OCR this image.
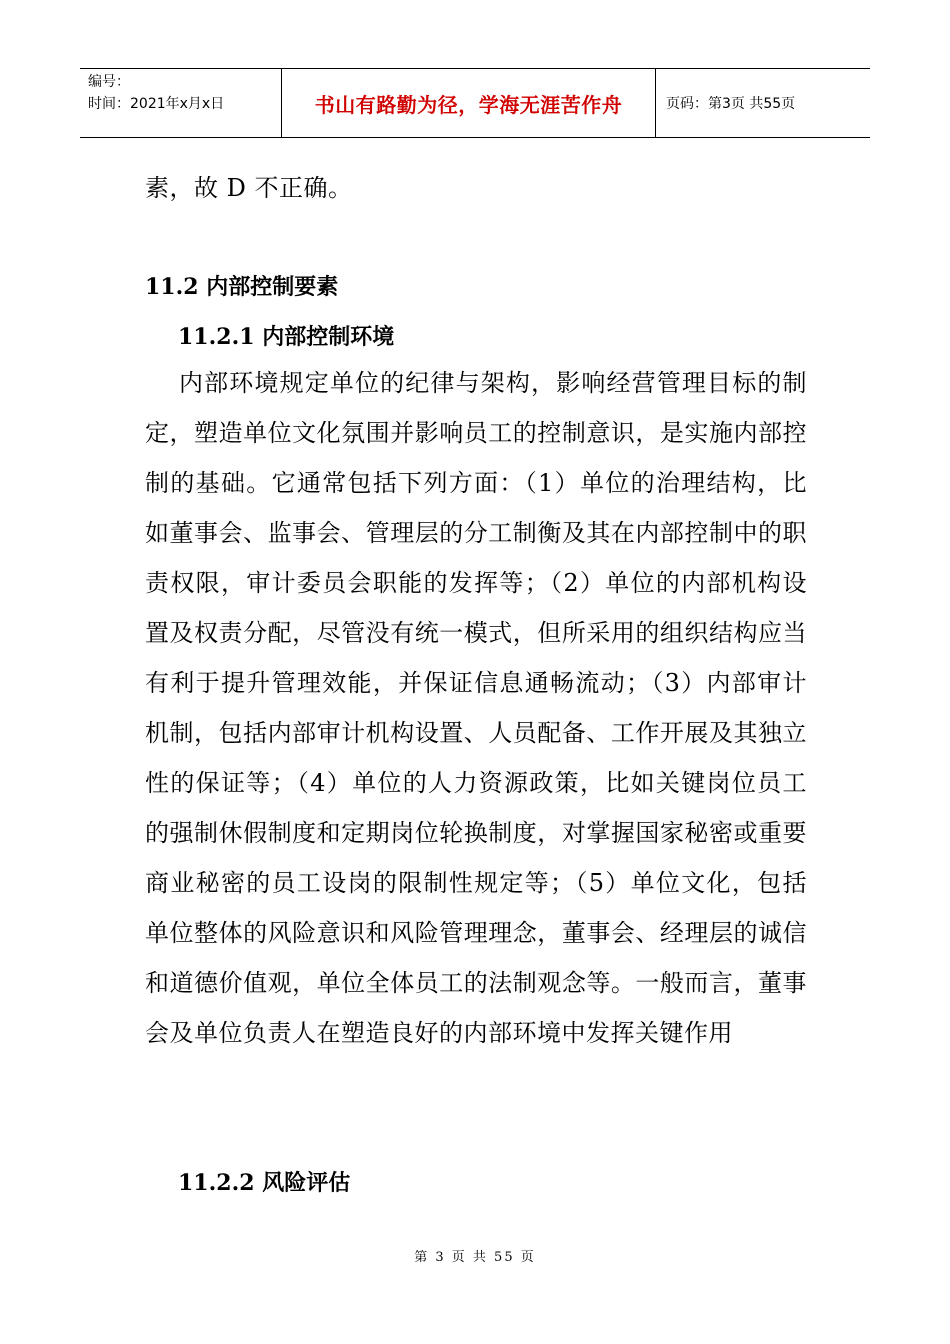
编号：
时间：2021年x月x日	书山有路勤为径，学海无涯苦作舟	页码：第3页 共55页

素，故 D 不正确。

11.2 内部控制要素
11.2.1 内部控制环境

内部环境规定单位的纪律与架构，影响经营管理目标的制定，塑造单位文化氛围并影响员工的控制意识，是实施内部控制的基础。它通常包括下列方面：（1）单位的治理结构，比如董事会、监事会、管理层的分工制衡及其在内部控制中的职责权限，审计委员会职能的发挥等；（2）单位的内部机构设置及权责分配，尽管没有统一模式，但所采用的组织结构应当有利于提升管理效能，并保证信息通畅流动；（3）内部审计机制，包括内部审计机构设置、人员配备、工作开展及其独立性的保证等；（4）单位的人力资源政策，比如关键岗位员工的强制休假制度和定期岗位轮换制度，对掌握国家秘密或重要商业秘密的员工设岗的限制性规定等；（5）单位文化，包括单位整体的风险意识和风险管理理念，董事会、经理层的诚信和道德价值观，单位全体员工的法制观念等。一般而言，董事会及单位负责人在塑造良好的内部环境中发挥关键作用

11.2.2 风险评估
第 3 页 共 55 页
